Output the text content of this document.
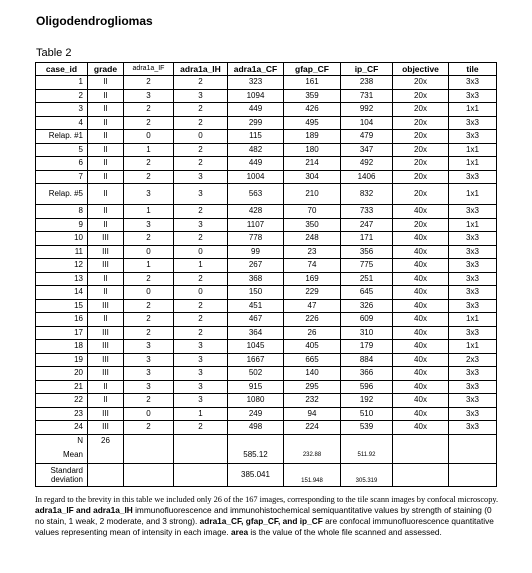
Oligodendrogliomas
Table 2
case_id	grade	adra1a_IF	adra1a_IH	adra1a_CF	gfap_CF	ip_CF	objective	tile
1	II	2	2	323	161	238	20x	3x3
2	II	3	3	1094	359	731	20x	3x3
3	II	2	2	449	426	992	20x	1x1
4	II	2	2	299	495	104	20x	3x3
Relap. #1	II	0	0	115	189	479	20x	3x3
5	II	1	2	482	180	347	20x	1x1
6	II	2	2	449	214	492	20x	1x1
7	II	2	3	1004	304	1406	20x	3x3
Relap. #5	II	3	3	563	210	832	20x	1x1
8	II	1	2	428	70	733	40x	3x3
9	II	3	3	1107	350	247	20x	1x1
10	III	2	2	778	248	171	40x	3x3
11	III	0	0	99	23	356	40x	3x3
12	III	1	1	267	74	775	40x	3x3
13	II	2	2	368	169	251	40x	3x3
14	II	0	0	150	229	645	40x	3x3
15	III	2	2	451	47	326	40x	3x3
16	II	2	2	467	226	609	40x	1x1
17	III	2	2	364	26	310	40x	3x3
18	III	3	3	1045	405	179	40x	1x1
19	III	3	3	1667	665	884	40x	2x3
20	III	3	3	502	140	366	40x	3x3
21	II	3	3	915	295	596	40x	3x3
22	II	2	3	1080	232	192	40x	3x3
23	III	0	1	249	94	510	40x	3x3
24	III	2	2	498	224	539	40x	3x3
N	26							
Mean				585.12	232.88	511.92		
Standard
deviation				385.041	151.948	305.319		
In regard to the brevity in this table we included only 26 of the 167 images, corresponding to the tile scann images by confocal microscopy. adra1a_IF and adra1a_IH immunofluorescence and immunohistochemical semiquantitative values by strength of staining (0 no stain, 1 weak, 2 moderate, and 3 strong). adra1a_CF, gfap_CF, and ip_CF are confocal immunofluorescence quantitative values representing mean of intensity in each image. area is the value of the whole file scanned and assessed.
